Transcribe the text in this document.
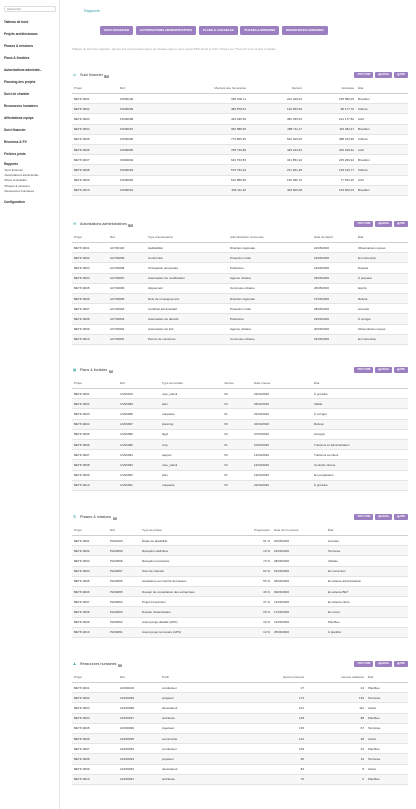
Rechercher
Tableau de bord
Projets architecturaux
Phases & missions
Plans & livrables
Autorisations administr...
Planning des projets
Suivi de chantier
Ressources humaines
Affectations equipe
Suivi financier
Réunions & PV
Fichiers joints
Rapports
Suivi financier
Autorisations administrati...
Plans & livrables
Phases & missions
Ressources humaines
Configuration
Rapports
SUIVI FINANCIER	AUTORISATIONS ADMINISTRATIVES	PLANS & LIVRABLES	PHASES & MISSIONS	RESSOURCES HUMAINES
Tableau de bord des rapports : aperçu des 10 premières lignes de chaque rapport, avec export PDF, Excel et CSV. Cliquez sur "Tout voir" pour la liste complète.
⚖ Suivi financier 10	TOUT VOIR	▤ EXCEL	▤ PDF
Projet	Réf.	Montant des honoraires	Facturé	Encaissé	État
BETP-0001	FIN00100	556 000,11	222 400,04	155 680,03	Brouillon
BETP-0002	FIN00099	489 878,64	146 963,59	88 177,76	Clôturé
BETP-0003	FIN00098	424 639,59	382 355,63	191 177,82	Actif
BETP-0004	FIN00097	360 888,96	288 711,17	115 484,47	Brouillon
BETP-0005	FIN00096	774 866,35	542 406,05	488 164,55	Clôturé
BETP-0006	FIN00095	708 740,89	425 244,53	340 195,62	Actif
BETP-0007	FIN00094	643 703,83	321 851,92	225 296,34	Brouillon
BETP-0008	FIN00093	579 753,20	231 901,28	139 140,77	Clôturé
BETP-0009	FIN00092	516 888,99	155 066,70	77 533,35	Actif
BETP-0010	FIN00091	455 111,20	409 600,08	163 840,03	Brouillon
⚒ Autorisations administratives 10	TOUT VOIR	▤ EXCEL	▤ PDF
Projet	Réf.	Type d'autorisation	Administration concernée	Date de dépôt	État
BETP-0001	AUT00100	Habitabilité	Direction régionale	22/05/2026	Observations reçues
BETP-0002	AUT00099	Conformité	Protection civile	23/05/2026	En instruction
BETP-0003	AUT00098	Occupation temporaire	Préfecture	24/05/2026	Déposé
BETP-0004	AUT00097	Autorisation de modification	Agence urbaine	25/05/2026	À préparer
BETP-0005	AUT00096	Alignement	Commune urbaine	26/05/2026	Expiré
BETP-0006	AUT00095	Note de renseignement	Direction régionale	27/05/2026	Refusé
BETP-0007	AUT00094	Certificat administratif	Protection civile	28/05/2026	Accordé
BETP-0008	AUT00093	Autorisation de démolir	Préfecture	29/05/2026	À corriger
BETP-0009	AUT00092	Autorisation de lotir	Agence urbaine	30/05/2026	Observations reçues
BETP-0010	AUT00091	Permis de construire	Commune urbaine	31/05/2026	En instruction
▦ Plans & livrables 10	TOUT VOIR	▤ EXCEL	▤ PDF
Projet	Réf.	Type de livrable	Version	Date prévue	État
BETP-0001	LIV00100	note_calcul	V0	23/02/2026	À produire
BETP-0002	LIV00099	plan	V2	26/02/2026	Validé
BETP-0003	LIV00098	maquette	V1	01/03/2026	À corriger
BETP-0004	LIV00097	planning	V0	04/03/2026	Refusé
BETP-0005	LIV00096	dpgf	V2	07/03/2026	Accepté
BETP-0006	LIV00095	cctp	V1	10/03/2026	Transmis à l'administration
BETP-0007	LIV00094	rapport	V0	13/03/2026	Transmis au client
BETP-0008	LIV00093	note_calcul	V2	16/03/2026	Contrôle interne
BETP-0009	LIV00092	plan	V1	19/03/2026	En préparation
BETP-0010	LIV00091	maquette	V0	22/03/2026	À produire
☰ Phases & missions 10	TOUT VOIR	▤ EXCEL	▤ PDF
Projet	Réf.	Type de phase	Progression	Date de fin prévue	État
BETP-0001	PH00100	Étude de faisabilité	91 %	20/05/2026	Annulée
BETP-0002	PH00099	Réception définitive	10 %	24/05/2026	Terminée
BETP-0003	PH00098	Réception provisoire	73 %	28/05/2026	Validée
BETP-0004	PH00097	Suivi de chantier	64 %	01/06/2026	En correction
BETP-0005	PH00096	Assistance au marché de travaux	55 %	05/06/2026	En attente administration
BETP-0006	PH00095	Dossier de consultation des entreprises	46 %	09/06/2026	En attente BET
BETP-0007	PH00094	Projet d'exécution	37 %	13/06/2026	En attente client
BETP-0008	PH00093	Dossier d'autorisation	28 %	17/06/2026	En cours
BETP-0009	PH00092	Avant-projet détaillé (APD)	19 %	21/06/2026	Planifiée
BETP-0010	PH00091	Avant-projet sommaire (APS)	10 %	25/06/2026	À planifier
♟ Ressources humaines 10	TOUT VOIR	▤ EXCEL	▤ PDF
Projet	Réf.	Profil	Heures prévues	Heures réalisées	État
BETP-0001	AFF00100	conducteur	27	24	Planifiée
BETP-0002	AFF00099	projeteur	174	139	Terminée
BETP-0003	AFF00098	dessinateur	161	112	Active
BETP-0004	AFF00097	architecte	148	88	Planifiée
BETP-0005	AFF00096	ingenieur	135	67	Terminée
BETP-0006	AFF00095	economiste	122	48	Active
BETP-0007	AFF00094	conducteur	109	32	Planifiée
BETP-0008	AFF00093	projeteur	96	19	Terminée
BETP-0009	AFF00092	dessinateur	83	8	Active
BETP-0010	AFF00091	architecte	70	0	Planifiée
